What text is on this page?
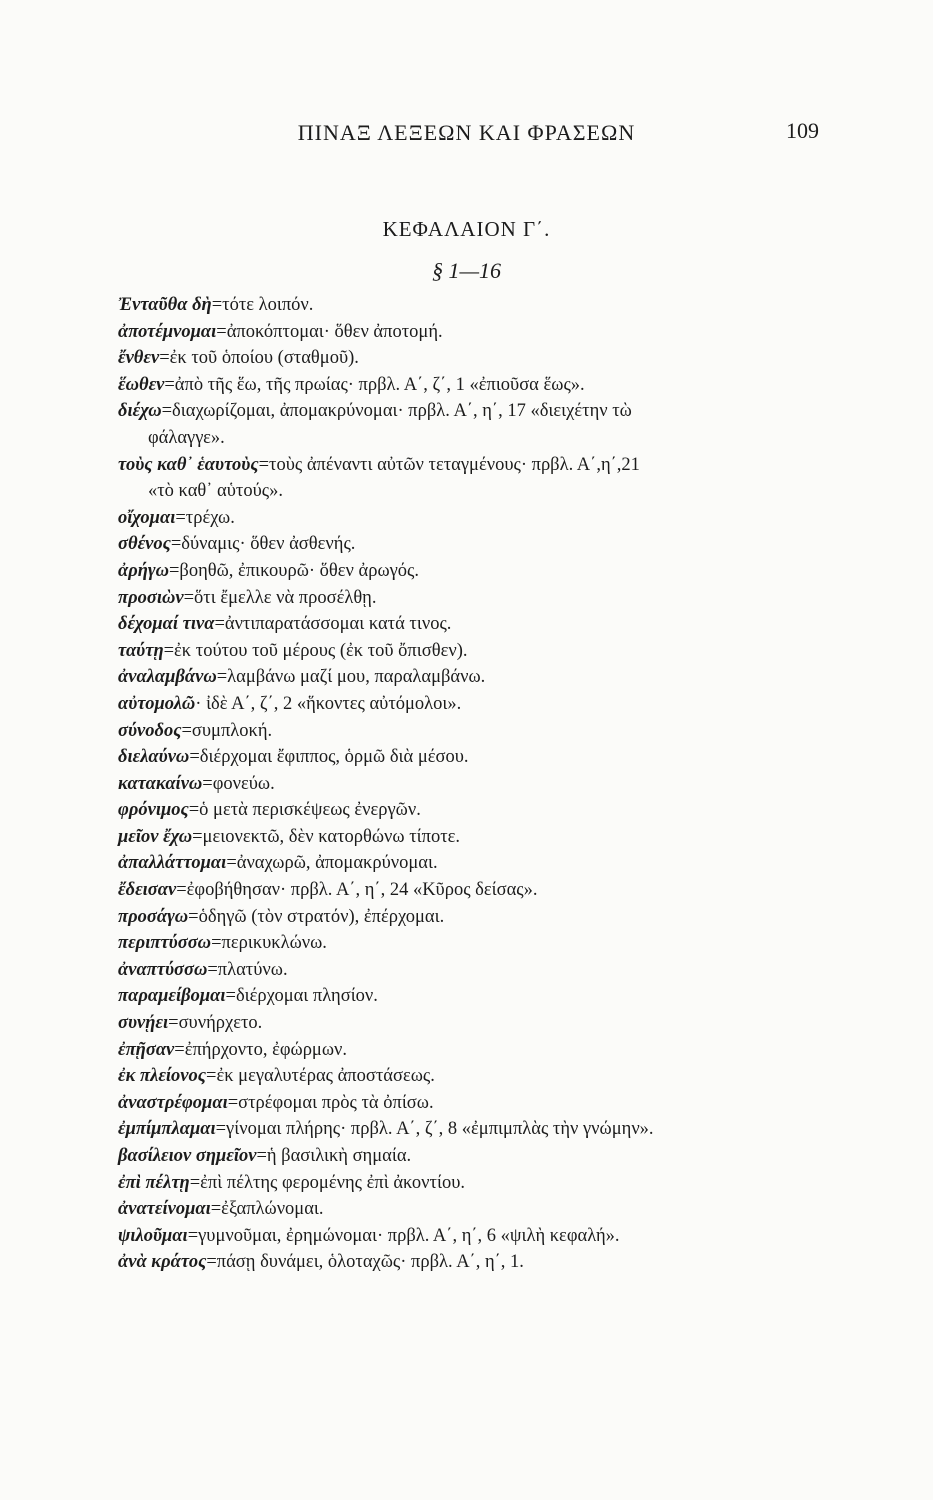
ΠΙΝΑΞ ΛΕΞΕΩΝ ΚΑΙ ΦΡΑΣΕΩΝ	109
ΚΕΦΑΛΑΙΟΝ Γ΄.
§ 1—16
Ἐνταῦθα δὴ=τότε λοιπόν.
ἀποτέμνομαι=ἀποκόπτομαι· ὅθεν ἀποτομή.
ἔνθεν=ἐκ τοῦ ὁποίου (σταθμοῦ).
ἕωθεν=ἀπὸ τῆς ἕω, τῆς πρωίας· πρβλ. Α΄, ζ΄, 1 «ἐπιοῦσα ἕως».
διέχω=διαχωρίζομαι, ἀπομακρύνομαι· πρβλ. Α΄, η΄, 17 «διειχέτην τὼ
φάλαγγε».
τοὺς καθ᾽ ἑαυτοὺς=τοὺς ἀπέναντι αὐτῶν τεταγμένους· πρβλ. Α΄,η΄,21
«τὸ καθ᾽ αὑτούς».
οἴχομαι=τρέχω.
σθένος=δύναμις· ὅθεν ἀσθενής.
ἀρήγω=βοηθῶ, ἐπικουρῶ· ὅθεν ἀρωγός.
προσιὼν=ὅτι ἔμελλε νὰ προσέλθῃ.
δέχομαί τινα=ἀντιπαρατάσσομαι κατά τινος.
ταύτῃ=ἐκ τούτου τοῦ μέρους (ἐκ τοῦ ὄπισθεν).
ἀναλαμβάνω=λαμβάνω μαζί μου, παραλαμβάνω.
αὐτομολῶ· ἰδὲ Α΄, ζ΄, 2 «ἥκοντες αὐτόμολοι».
σύνοδος=συμπλοκή.
διελαύνω=διέρχομαι ἔφιππος, ὁρμῶ διὰ μέσου.
κατακαίνω=φονεύω.
φρόνιμος=ὁ μετὰ περισκέψεως ἐνεργῶν.
μεῖον ἔχω=μειονεκτῶ, δὲν κατορθώνω τίποτε.
ἀπαλλάττομαι=ἀναχωρῶ, ἀπομακρύνομαι.
ἔδεισαν=ἐφοβήθησαν· πρβλ. Α΄, η΄, 24 «Κῦρος δείσας».
προσάγω=ὁδηγῶ (τὸν στρατόν), ἐπέρχομαι.
περιπτύσσω=περικυκλώνω.
ἀναπτύσσω=πλατύνω.
παραμείβομαι=διέρχομαι πλησίον.
συνῄει=συνήρχετο.
ἐπῇσαν=ἐπήρχοντο, ἐφώρμων.
ἐκ πλείονος=ἐκ μεγαλυτέρας ἀποστάσεως.
ἀναστρέφομαι=στρέφομαι πρὸς τὰ ὀπίσω.
ἐμπίμπλαμαι=γίνομαι πλήρης· πρβλ. Α΄, ζ΄, 8 «ἐμπιμπλὰς τὴν γνώμην».
βασίλειον σημεῖον=ἡ βασιλικὴ σημαία.
ἐπὶ πέλτῃ=ἐπὶ πέλτης φερομένης ἐπὶ ἀκοντίου.
ἀνατείνομαι=ἐξαπλώνομαι.
ψιλοῦμαι=γυμνοῦμαι, ἐρημώνομαι· πρβλ. Α΄, η΄, 6 «ψιλὴ κεφαλή».
ἀνὰ κράτος=πάσῃ δυνάμει, ὁλοταχῶς· πρβλ. Α΄, η΄, 1.
